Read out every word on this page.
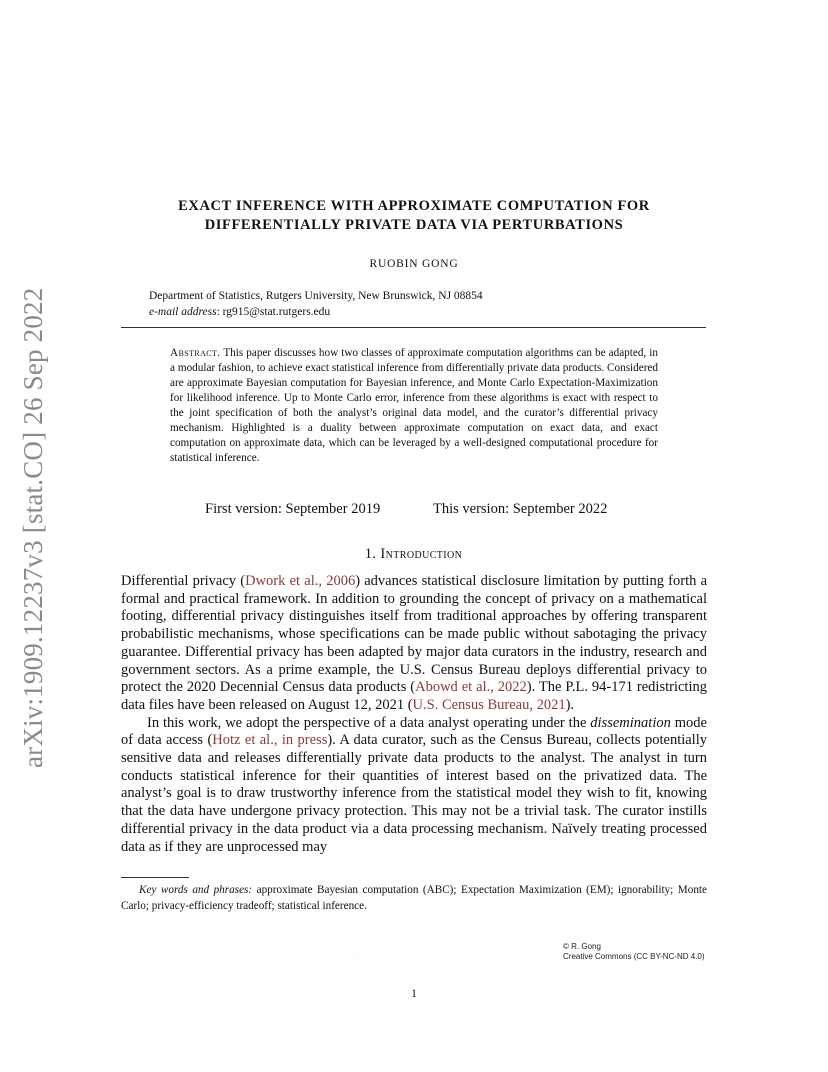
arXiv:1909.12237v3 [stat.CO] 26 Sep 2022
EXACT INFERENCE WITH APPROXIMATE COMPUTATION FOR
DIFFERENTIALLY PRIVATE DATA VIA PERTURBATIONS
RUOBIN GONG
Department of Statistics, Rutgers University, New Brunswick, NJ 08854
e-mail address: rg915@stat.rutgers.edu
Abstract. This paper discusses how two classes of approximate computation algorithms can be adapted, in a modular fashion, to achieve exact statistical inference from differentially private data products. Considered are approximate Bayesian computation for Bayesian inference, and Monte Carlo Expectation-Maximization for likelihood inference. Up to Monte Carlo error, inference from these algorithms is exact with respect to the joint specification of both the analyst’s original data model, and the curator’s differential privacy mechanism. Highlighted is a duality between approximate computation on exact data, and exact computation on approximate data, which can be leveraged by a well-designed computational procedure for statistical inference.
First version: September 2019	This version: September 2022
1. Introduction

Differential privacy (Dwork et al., 2006) advances statistical disclosure limitation by putting forth a formal and practical framework. In addition to grounding the concept of privacy on a mathematical footing, differential privacy distinguishes itself from traditional approaches by offering transparent probabilistic mechanisms, whose specifications can be made public without sabotaging the privacy guarantee. Differential privacy has been adapted by major data curators in the industry, research and government sectors. As a prime example, the U.S. Census Bureau deploys differential privacy to protect the 2020 Decennial Census data products (Abowd et al., 2022). The P.L. 94-171 redistricting data files have been released on August 12, 2021 (U.S. Census Bureau, 2021).

In this work, we adopt the perspective of a data analyst operating under the dissemination mode of data access (Hotz et al., in press). A data curator, such as the Census Bureau, collects potentially sensitive data and releases differentially private data products to the analyst. The analyst in turn conducts statistical inference for their quantities of interest based on the privatized data. The analyst’s goal is to draw trustworthy inference from the statistical model they wish to fit, knowing that the data have undergone privacy protection. This may not be a trivial task. The curator instills differential privacy in the data product via a data processing mechanism. Naïvely treating processed data as if they are unprocessed may

Key words and phrases: approximate Bayesian computation (ABC); Expectation Maximization (EM); ignorability; Monte Carlo; privacy-efficiency tradeoff; statistical inference.
© R. Gong
Creative Commons (CC BY-NC-ND 4.0)
.
1
